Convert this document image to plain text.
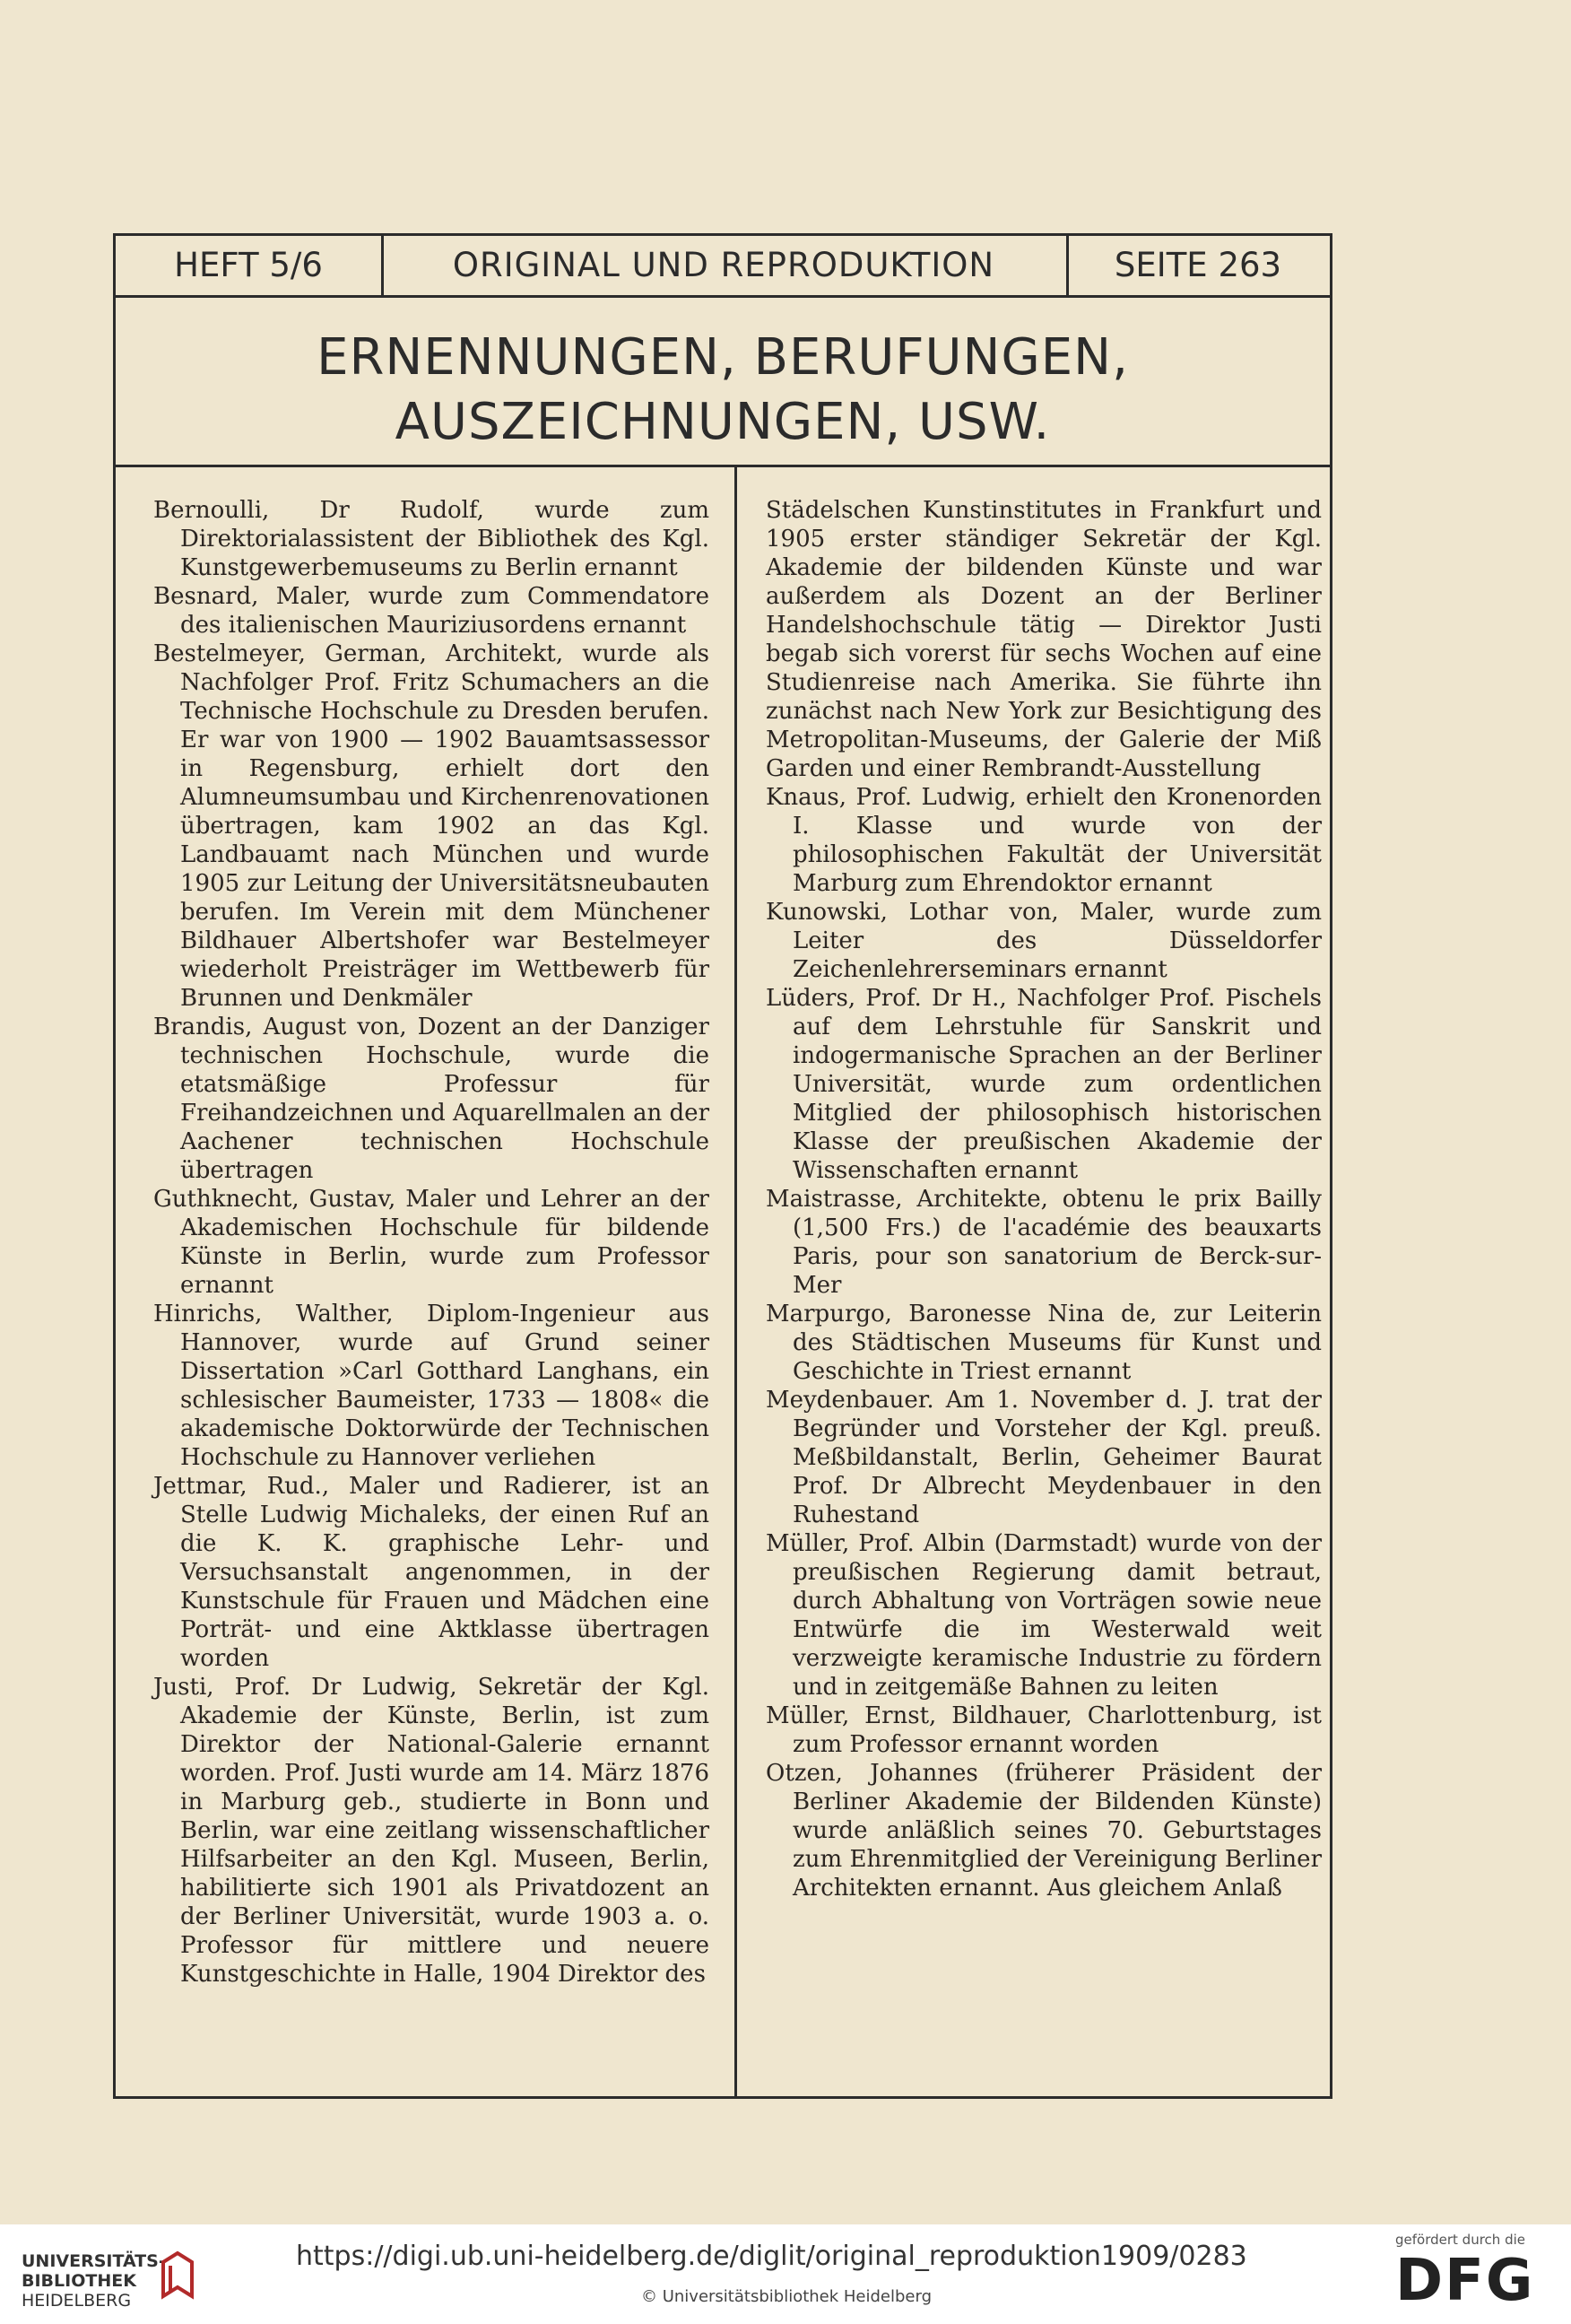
HEFT 5/6	ORIGINAL UND REPRODUKTION	SEITE 263
ERNENNUNGEN, BERUFUNGEN,
AUSZEICHNUNGEN, USW.

Bernoulli, Dr Rudolf, wurde zum Direktorialassistent der Bibliothek des Kgl. Kunstgewerbemuseums zu Berlin ernannt

Besnard, Maler, wurde zum Commendatore des italienischen Mauriziusordens ernannt

Bestelmeyer, German, Architekt, wurde als Nachfolger Prof. Fritz Schumachers an die Technische Hochschule zu Dresden berufen. Er war von 1900 — 1902 Bauamtsassessor in Regensburg, erhielt dort den Alumneumsumbau und Kirchenrenovationen übertragen, kam 1902 an das Kgl. Landbauamt nach München und wurde 1905 zur Leitung der Universitätsneubauten berufen. Im Verein mit dem Münchener Bildhauer Albertshofer war Bestelmeyer wiederholt Preisträger im Wettbewerb für Brunnen und Denkmäler

Brandis, August von, Dozent an der Danziger technischen Hochschule, wurde die etatsmäßige Professur für Freihandzeichnen und Aquarellmalen an der Aachener technischen Hochschule übertragen

Guthknecht, Gustav, Maler und Lehrer an der Akademischen Hochschule für bildende Künste in Berlin, wurde zum Professor ernannt

Hinrichs, Walther, Diplom-Ingenieur aus Hannover, wurde auf Grund seiner Dissertation »Carl Gotthard Langhans, ein schlesischer Baumeister, 1733 — 1808« die akademische Doktorwürde der Technischen Hochschule zu Hannover verliehen

Jettmar, Rud., Maler und Radierer, ist an Stelle Ludwig Michaleks, der einen Ruf an die K. K. graphische Lehr- und Versuchsanstalt angenommen, in der Kunstschule für Frauen und Mädchen eine Porträt- und eine Aktklasse übertragen worden

Justi, Prof. Dr Ludwig, Sekretär der Kgl. Akademie der Künste, Berlin, ist zum Direktor der National-Galerie ernannt worden. Prof. Justi wurde am 14. März 1876 in Marburg geb., studierte in Bonn und Berlin, war eine zeitlang wissenschaftlicher Hilfsarbeiter an den Kgl. Museen, Berlin, habilitierte sich 1901 als Privatdozent an der Berliner Universität, wurde 1903 a. o. Professor für mittlere und neuere Kunstgeschichte in Halle, 1904 Direktor des

Städelschen Kunstinstitutes in Frankfurt und 1905 erster ständiger Sekretär der Kgl. Akademie der bildenden Künste und war außerdem als Dozent an der Berliner Handelshochschule tätig — Direktor Justi begab sich vorerst für sechs Wochen auf eine Studienreise nach Amerika. Sie führte ihn zunächst nach New York zur Besichtigung des Metropolitan-Museums, der Galerie der Miß Garden und einer Rembrandt-Ausstellung

Knaus, Prof. Ludwig, erhielt den Kronenorden I. Klasse und wurde von der philosophischen Fakultät der Universität Marburg zum Ehrendoktor ernannt

Kunowski, Lothar von, Maler, wurde zum Leiter des Düsseldorfer Zeichenlehrerseminars ernannt

Lüders, Prof. Dr H., Nachfolger Prof. Pischels auf dem Lehrstuhle für Sanskrit und indogermanische Sprachen an der Berliner Universität, wurde zum ordentlichen Mitglied der philosophisch historischen Klasse der preußischen Akademie der Wissenschaften ernannt

Maistrasse, Architekte, obtenu le prix Bailly (1,500 Frs.) de l'académie des beauxarts Paris, pour son sanatorium de Berck-sur-Mer

Marpurgo, Baronesse Nina de, zur Leiterin des Städtischen Museums für Kunst und Geschichte in Triest ernannt

Meydenbauer. Am 1. November d. J. trat der Begründer und Vorsteher der Kgl. preuß. Meßbildanstalt, Berlin, Geheimer Baurat Prof. Dr Albrecht Meydenbauer in den Ruhestand

Müller, Prof. Albin (Darmstadt) wurde von der preußischen Regierung damit betraut, durch Abhaltung von Vorträgen sowie neue Entwürfe die im Westerwald weit verzweigte keramische Industrie zu fördern und in zeitgemäße Bahnen zu leiten

Müller, Ernst, Bildhauer, Charlottenburg, ist zum Professor ernannt worden

Otzen, Johannes (früherer Präsident der Berliner Akademie der Bildenden Künste) wurde anläßlich seines 70. Geburtstages zum Ehrenmitglied der Vereinigung Berliner Architekten ernannt. Aus gleichem Anlaß

UNIVERSITÄTS-
BIBLIOTHEK
HEIDELBERG
https://digi.ub.uni-heidelberg.de/diglit/original_reproduktion1909/0283
© Universitätsbibliothek Heidelberg
gefördert durch die
DFG
